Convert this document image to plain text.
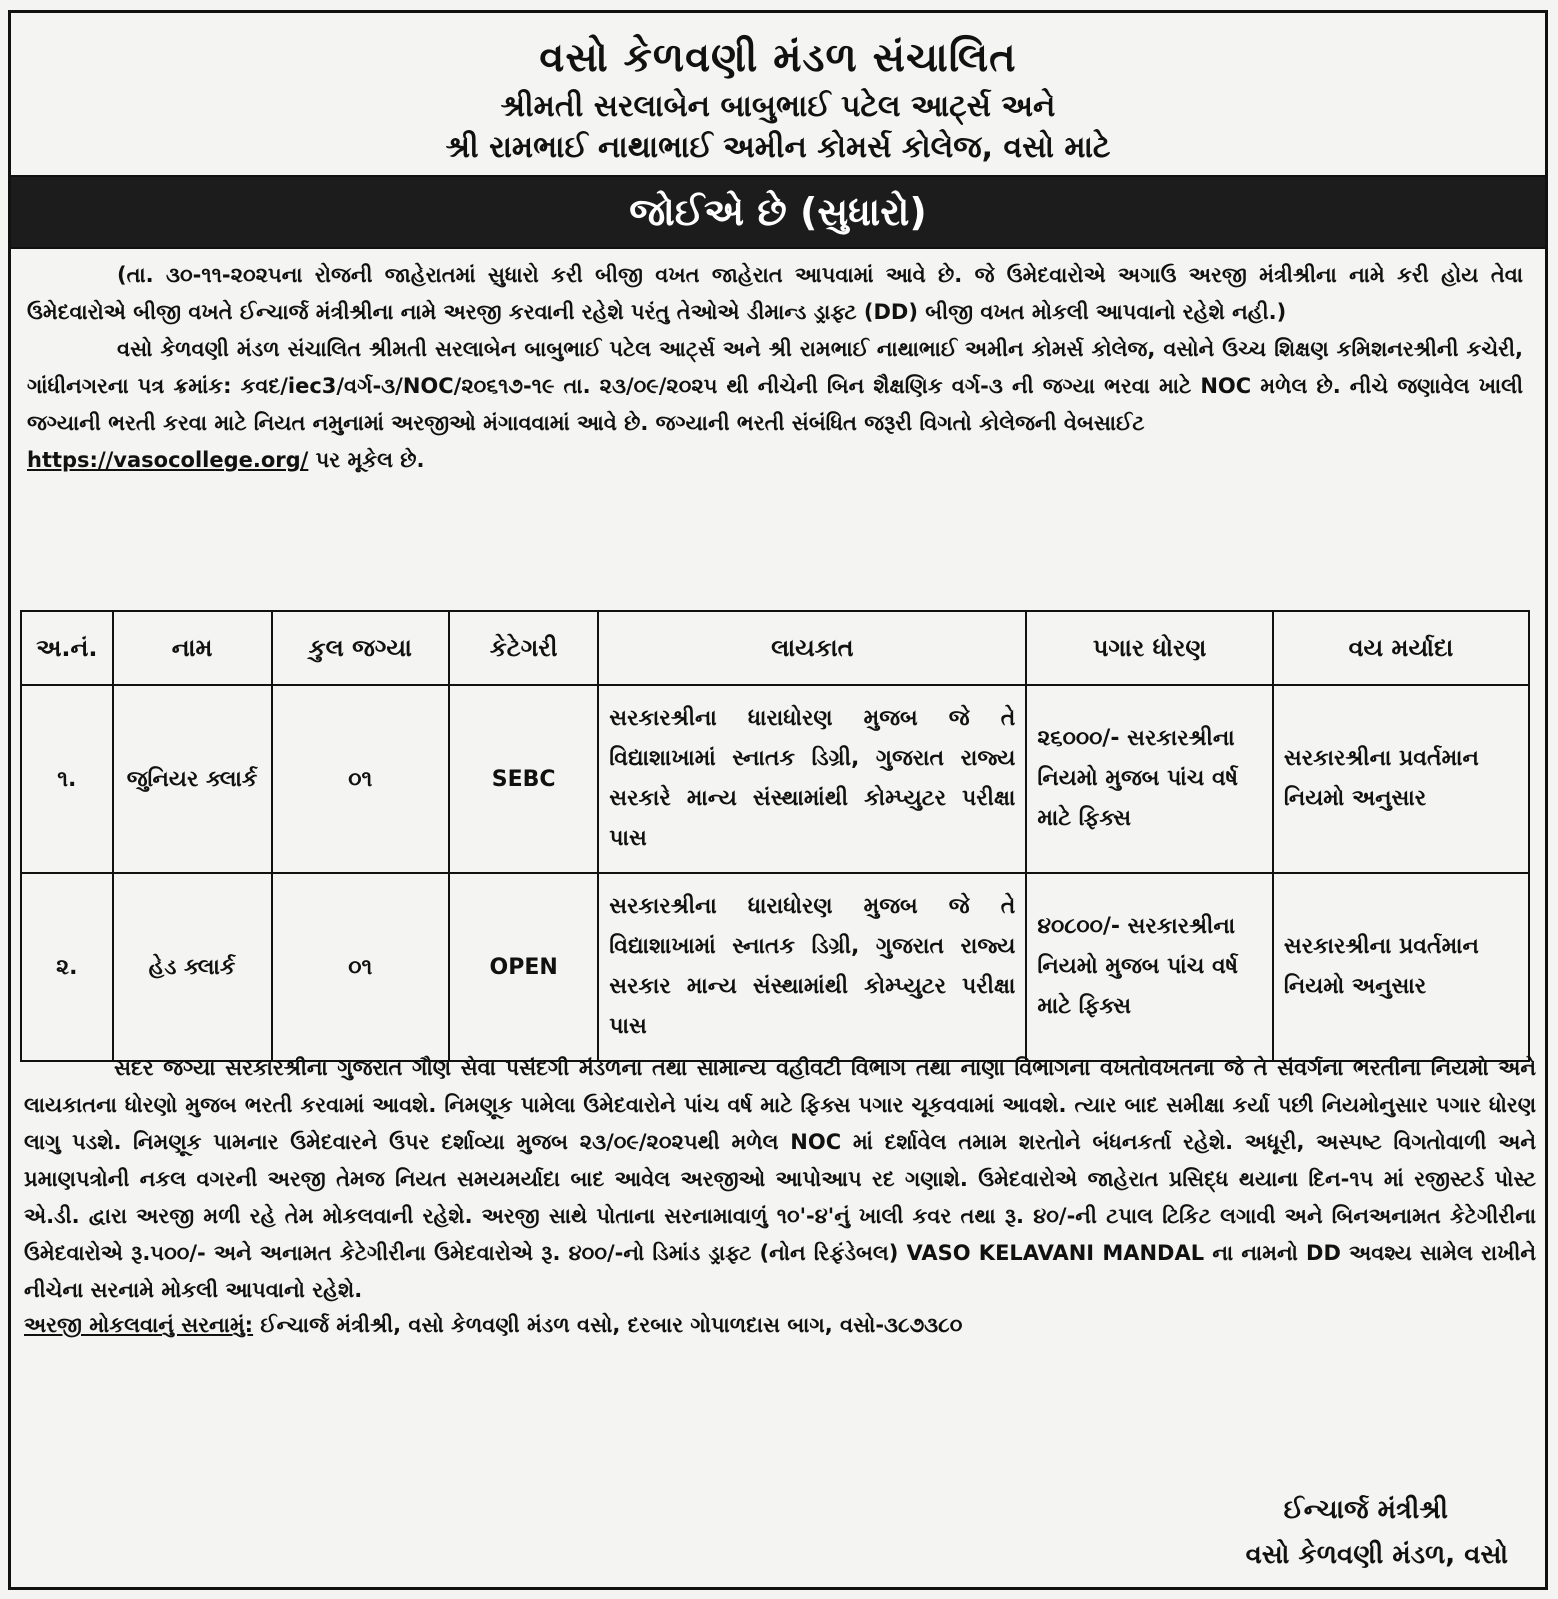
વસો કેળવણી મંડળ સંચાલિત
શ્રીમતી સરલાબેન બાબુભાઈ પટેલ આર્ટ્સ અને
શ્રી રામભાઈ નાથાભાઈ અમીન કોમર્સ કોલેજ, વસો માટે
જોઈએ છે (સુધારો)

(તા. ૩૦-૧૧-૨૦૨૫ના રોજની જાહેરાતમાં સુધારો કરી બીજી વખત જાહેરાત આપવામાં આવે છે. જે ઉમેદવારોએ અગાઉ અરજી મંત્રીશ્રીના નામે કરી હોય તેવા ઉમેદવારોએ બીજી વખતે ઈન્ચાર્જ મંત્રીશ્રીના નામે અરજી કરવાની રહેશે પરંતુ તેઓએ ડીમાન્ડ ડ્રાફ્ટ (DD) બીજી વખત મોકલી આપવાનો રહેશે નહી.)

વસો કેળવણી મંડળ સંચાલિત શ્રીમતી સરલાબેન બાબુભાઈ પટેલ આર્ટ્સ અને શ્રી રામભાઈ નાથાભાઈ અમીન કોમર્સ કોલેજ, વસોને ઉચ્ચ શિક્ષણ કમિશનરશ્રીની કચેરી, ગાંધીનગરના પત્ર ક્રમાંક: કવદ/iec3/વર્ગ-૩/NOC/૨૦૬૧૭-૧૯ તા. ૨૩/૦૯/૨૦૨૫ થી નીચેની બિન શૈક્ષણિક વર્ગ-૩ ની જગ્યા ભરવા માટે NOC મળેલ છે. નીચે જણાવેલ ખાલી જગ્યાની ભરતી કરવા માટે નિયત નમુનામાં અરજીઓ મંગાવવામાં આવે છે. જગ્યાની ભરતી સંબંધિત જરૂરી વિગતો કોલેજની વેબસાઈટ
https://vasocollege.org/ પર મૂકેલ છે.

અ.નં.	નામ	કુલ જગ્યા	કેટેગરી	લાયકાત	પગાર ધોરણ	વય મર્યાદા
૧.	જુનિયર ક્લાર્ક	૦૧	SEBC	સરકારશ્રીના ધારાધોરણ મુજબ જે તે વિદ્યાશાખામાં સ્નાતક ડિગ્રી, ગુજરાત રાજ્ય સરકારે માન્ય સંસ્થામાંથી કોમ્પ્યુટર પરીક્ષા પાસ	૨૬૦૦૦/- સરકારશ્રીના નિયમો મુજબ પાંચ વર્ષ માટે ફિક્સ	સરકારશ્રીના પ્રવર્તમાન નિયમો અનુસાર
૨.	હેડ ક્લાર્ક	૦૧	OPEN	સરકારશ્રીના ધારાધોરણ મુજબ જે તે વિદ્યાશાખામાં સ્નાતક ડિગ્રી, ગુજરાત રાજ્ય સરકાર માન્ય સંસ્થામાંથી કોમ્પ્યુટર પરીક્ષા પાસ	૪૦૮૦૦/- સરકારશ્રીના નિયમો મુજબ પાંચ વર્ષ માટે ફિક્સ	સરકારશ્રીના પ્રવર્તમાન નિયમો અનુસાર

સદર જગ્યા સરકારશ્રીના ગુજરાત ગૌણ સેવા પસંદગી મંડળના તથા સામાન્ય વહીવટી વિભાગ તથા નાણા વિભાગના વખતોવખતના જે તે સંવર્ગના ભરતીના નિયમો અને લાયકાતના ધોરણો મુજબ ભરતી કરવામાં આવશે. નિમણૂક પામેલા ઉમેદવારોને પાંચ વર્ષ માટે ફિક્સ પગાર ચૂકવવામાં આવશે. ત્યાર બાદ સમીક્ષા કર્યા પછી નિયમોનુસાર પગાર ધોરણ લાગુ પડશે. નિમણૂક પામનાર ઉમેદવારને ઉપર દર્શાવ્યા મુજબ ૨૩/૦૯/૨૦૨૫થી મળેલ NOC માં દર્શાવેલ તમામ શરતોને બંધનકર્તા રહેશે. અધૂરી, અસ્પષ્ટ વિગતોવાળી અને પ્રમાણપત્રોની નકલ વગરની અરજી તેમજ નિયત સમયમર્યાદા બાદ આવેલ અરજીઓ આપોઆપ રદ ગણાશે. ઉમેદવારોએ જાહેરાત પ્રસિદ્ધ થયાના દિન-૧૫ માં રજીસ્ટર્ડ પોસ્ટ એ.ડી. દ્વારા અરજી મળી રહે તેમ મોકલવાની રહેશે. અરજી સાથે પોતાના સરનામાવાળું ૧૦'-૪'નું ખાલી કવર તથા રૂ. ૪૦/-ની ટપાલ ટિકિટ લગાવી અને બિનઅનામત કેટેગીરીના ઉમેદવારોએ રૂ.૫૦૦/- અને અનામત કેટેગીરીના ઉમેદવારોએ રૂ. ૪૦૦/-નો ડિમાંડ ડ્રાફ્ટ (નોન રિફંડેબલ) VASO KELAVANI MANDAL ના નામનો DD અવશ્ય સામેલ રાખીને નીચેના સરનામે મોકલી આપવાનો રહેશે.

અરજી મોકલવાનું સરનામું: ઈન્ચાર્જ મંત્રીશ્રી, વસો કેળવણી મંડળ વસો, દરબાર ગોપાળદાસ બાગ, વસો-૩૮૭૩૮૦
ઈન્ચાર્જ મંત્રીશ્રી
વસો કેળવણી મંડળ, વસો
